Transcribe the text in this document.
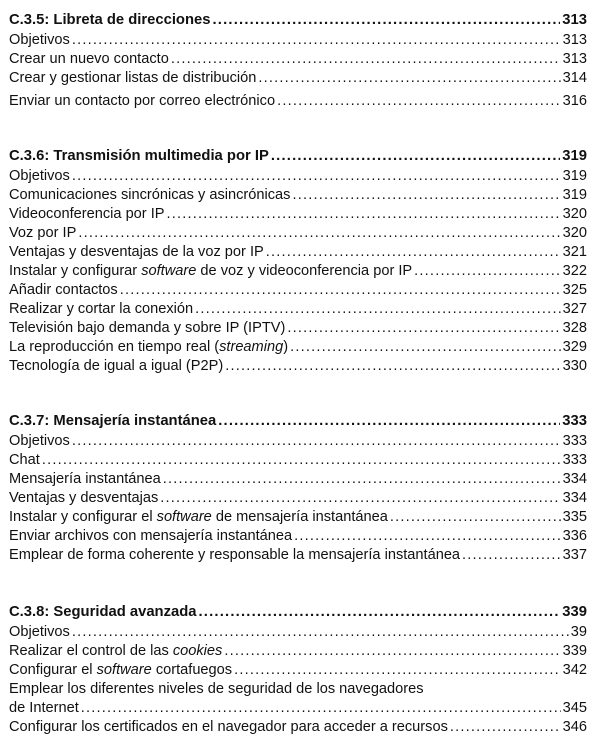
C.3.5: Libreta de direcciones .....	313
Objetivos .....	313
Crear un nuevo contacto .....	313
Crear y gestionar listas de distribución .....	314
Enviar un contacto por correo electrónico .....	316
C.3.6: Transmisión multimedia por IP .....	319
Objetivos .....	319
Comunicaciones sincrónicas y asincrónicas .....	319
Videoconferencia por IP .....	320
Voz por IP .....	320
Ventajas y desventajas de la voz por IP .....	321
Instalar y configurar software de voz y videoconferencia por IP .....	322
Añadir contactos .....	325
Realizar y cortar la conexión .....	327
Televisión bajo demanda y sobre IP (IPTV) .....	328
La reproducción en tiempo real (streaming) .....	329
Tecnología de igual a igual (P2P) .....	330
C.3.7: Mensajería instantánea .....	333
Objetivos .....	333
Chat .....	333
Mensajería instantánea .....	334
Ventajas y desventajas .....	334
Instalar y configurar el software de mensajería instantánea .....	335
Enviar archivos con mensajería instantánea .....	336
Emplear de forma coherente y responsable la mensajería instantánea .....	337
C.3.8: Seguridad avanzada .....	339
Objetivos .....	39
Realizar el control de las cookies .....	339
Configurar el software cortafuegos .....	342
Emplear los diferentes niveles de seguridad de los navegadores
de Internet .....	345
Configurar los certificados en el navegador para acceder a recursos .....	346
